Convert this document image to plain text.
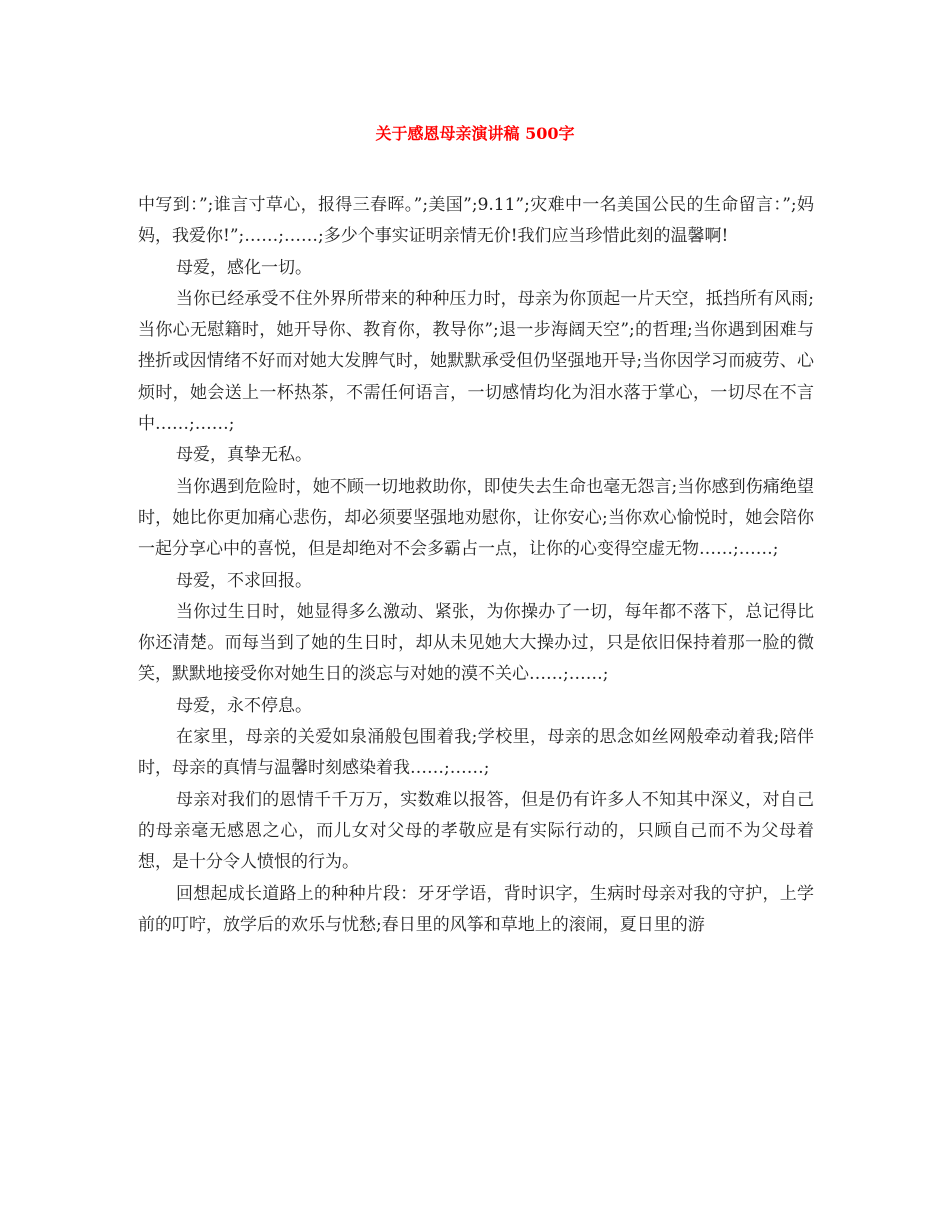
关于感恩母亲演讲稿 500字

中写到：”;谁言寸草心，报得三春晖。”;美国”;9.11”;灾难中一名美国公民的生命留言：”;妈妈，我爱你!”;……;……;多少个事实证明亲情无价!我们应当珍惜此刻的温馨啊!

母爱，感化一切。

当你已经承受不住外界所带来的种种压力时，母亲为你顶起一片天空，抵挡所有风雨;当你心无慰籍时，她开导你、教育你，教导你”;退一步海阔天空”;的哲理;当你遇到困难与挫折或因情绪不好而对她大发脾气时，她默默承受但仍坚强地开导;当你因学习而疲劳、心烦时，她会送上一杯热茶，不需任何语言，一切感情均化为泪水落于掌心，一切尽在不言中……;……;

母爱，真挚无私。

当你遇到危险时，她不顾一切地救助你，即使失去生命也毫无怨言;当你感到伤痛绝望时，她比你更加痛心悲伤，却必须要坚强地劝慰你，让你安心;当你欢心愉悦时，她会陪你一起分享心中的喜悦，但是却绝对不会多霸占一点，让你的心变得空虚无物……;……;

母爱，不求回报。

当你过生日时，她显得多么激动、紧张，为你操办了一切，每年都不落下，总记得比你还清楚。而每当到了她的生日时，却从未见她大大操办过，只是依旧保持着那一脸的微笑，默默地接受你对她生日的淡忘与对她的漠不关心……;……;

母爱，永不停息。

在家里，母亲的关爱如泉涌般包围着我;学校里，母亲的思念如丝网般牵动着我;陪伴时，母亲的真情与温馨时刻感染着我……;……;

母亲对我们的恩情千千万万，实数难以报答，但是仍有许多人不知其中深义，对自己的母亲毫无感恩之心，而儿女对父母的孝敬应是有实际行动的，只顾自己而不为父母着想，是十分令人愤恨的行为。

回想起成长道路上的种种片段：牙牙学语，背时识字，生病时母亲对我的守护，上学前的叮咛，放学后的欢乐与忧愁;春日里的风筝和草地上的滚闹，夏日里的游
